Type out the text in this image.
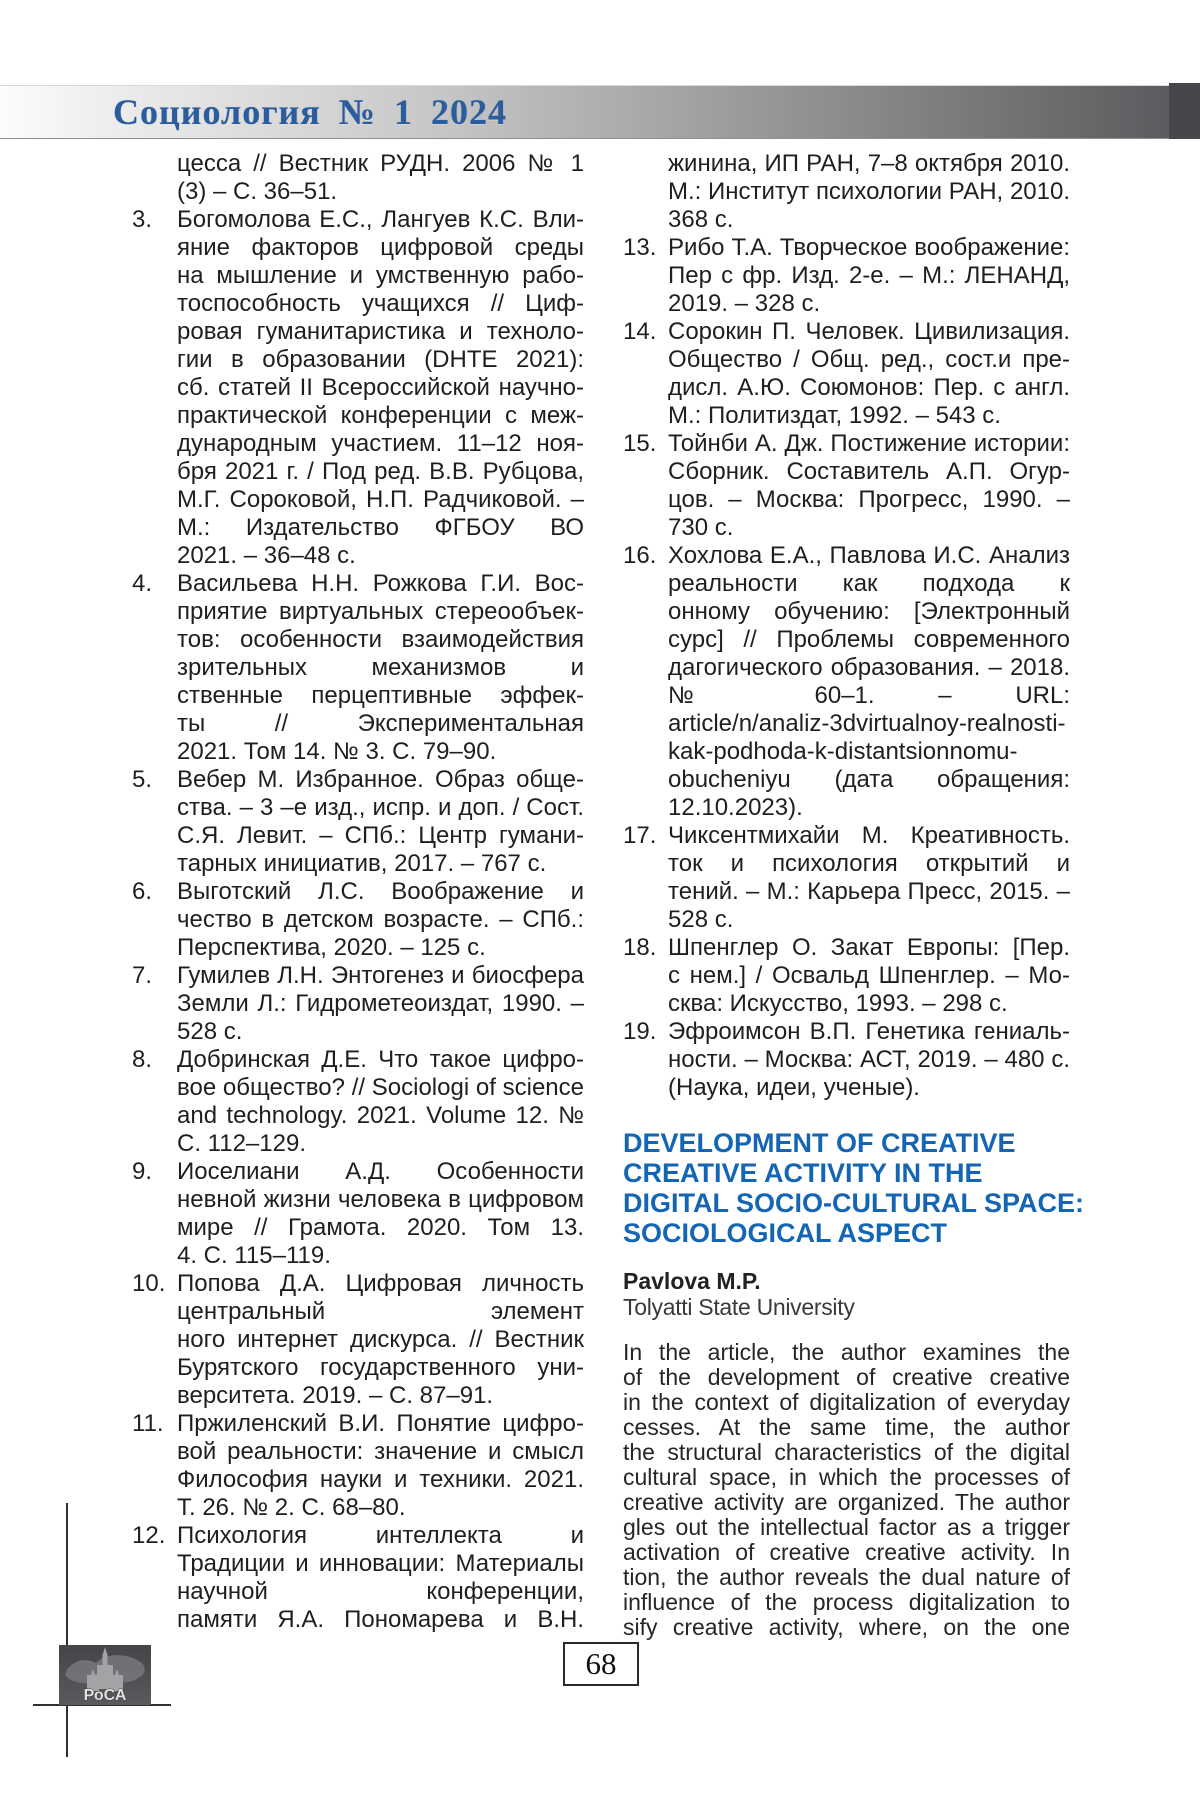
Социология № 1 2024
цесса // Вестник РУДН. 2006 № 1
(3) – С. 36–51.
3. Богомолова Е.С., Лангуев К.С. Вли-
яние факторов цифровой среды
на мышление и умственную рабо-
тоспособность учащихся // Циф-
ровая гуманитаристика и техноло-
гии в образовании (DHTE 2021):
сб. статей II Всероссийской научно-
практической конференции с меж-
дународным участием. 11–12 ноя-
бря 2021 г. / Под ред. В.В. Рубцова,
М.Г. Сороковой, Н.П. Радчиковой. –
М.: Издательство ФГБОУ ВО
2021. – 36–48 с.
4. Васильева Н.Н. Рожкова Г.И. Вос-
приятие виртуальных стереообъек-
тов: особенности взаимодействия
зрительных механизмов и
ственные перцептивные эффек-
ты // Экспериментальная
2021. Том 14. № 3. С. 79–90.
5. Вебер М. Избранное. Образ обще-
ства. – 3 –е изд., испр. и доп. / Сост.
С.Я. Левит. – СПб.: Центр гумани-
тарных инициатив, 2017. – 767 с.
6. Выготский Л.С. Воображение и
чество в детском возрасте. – СПб.:
Перспектива, 2020. – 125 с.
7. Гумилев Л.Н. Энтогенез и биосфера
Земли Л.: Гидрометеоиздат, 1990. –
528 с.
8. Добринская Д.Е. Что такое цифро-
вое общество? // Sociologi of science
and technology. 2021. Volume 12. №
С. 112–129.
9. Иоселиани А.Д. Особенности
невной жизни человека в цифровом
мире // Грамота. 2020. Том 13.
4. С. 115–119.
10. Попова Д.А. Цифровая личность
центральный элемент
ного интернет дискурса. // Вестник
Бурятского государственного уни-
верситета. 2019. – С. 87–91.
11. Пржиленский В.И. Понятие цифро-
вой реальности: значение и смысл
Философия науки и техники. 2021.
Т. 26. № 2. С. 68–80.
12. Психология интеллекта и
Традиции и инновации: Материалы
научной конференции,
памяти Я.А. Пономарева и В.Н.
жинина, ИП РАН, 7–8 октября 2010.
М.: Институт психологии РАН, 2010.
368 с.
13. Рибо Т.А. Творческое воображение:
Пер с фр. Изд. 2-е. – М.: ЛЕНАНД,
2019. – 328 с.
14. Сорокин П. Человек. Цивилизация.
Общество / Общ. ред., сост.и пре-
дисл. А.Ю. Союмонов: Пер. с англ.
М.: Политиздат, 1992. – 543 с.
15. Тойнби А. Дж. Постижение истории:
Сборник. Составитель А.П. Огур-
цов. – Москва: Прогресс, 1990. –
730 с.
16. Хохлова Е.А., Павлова И.С. Анализ
реальности как подхода к
онному обучению: [Электронный
сурс] // Проблемы современного
дагогического образования. – 2018.
№ 60–1. – URL:
article/n/analiz-3dvirtualnoy-realnosti-
kak-podhoda-k-distantsionnomu-
obucheniyu (дата обращения:
12.10.2023).
17. Чиксентмихайи М. Креативность.
ток и психология открытий и
тений. – М.: Карьера Пресс, 2015. –
528 с.
18. Шпенглер О. Закат Европы: [Пер.
с нем.] / Освальд Шпенглер. – Мо-
сква: Искусство, 1993. – 298 с.
19. Эфроимсон В.П. Генетика гениаль-
ности. – Москва: АСТ, 2019. – 480 с.
(Наука, идеи, ученые).
DEVELOPMENT OF CREATIVE
CREATIVE ACTIVITY IN THE
DIGITAL SOCIO-CULTURAL SPACE:
SOCIOLOGICAL ASPECT

Pavlova M.P.

Tolyatti State University

In the article, the author examines the
of the development of creative creative
in the context of digitalization of everyday
cesses. At the same time, the author
the structural characteristics of the digital
cultural space, in which the processes of
creative activity are organized. The author
gles out the intellectual factor as a trigger
activation of creative creative activity. In
tion, the author reveals the dual nature of
influence of the process digitalization to
sify creative activity, where, on the one
68
РоСА
